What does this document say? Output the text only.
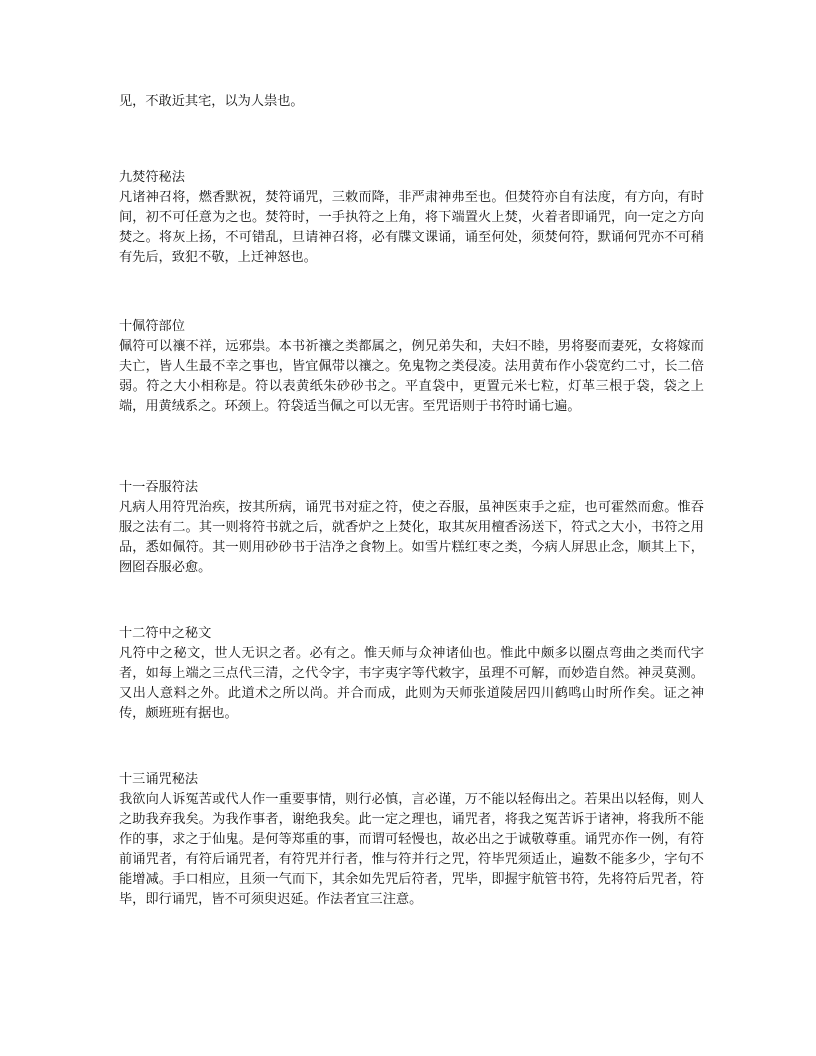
见，不敢近其宅，以为人祟也。

九焚符秘法

凡诸神召将，燃香默祝，焚符诵咒，三敕而降，非严肃神弗至也。但焚符亦自有法度，有方向，有时间，初不可任意为之也。焚符时，一手执符之上角，将下端置火上焚，火着者即诵咒，向一定之方向焚之。将灰上扬，不可错乱，旦请神召将，必有牒文课诵，诵至何处，须焚何符，默诵何咒亦不可稍有先后，致犯不敬，上迁神怒也。

十佩符部位

佩符可以禳不祥，远邪祟。本书祈禳之类都属之，例兄弟失和，夫妇不睦，男将娶而妻死，女将嫁而夫亡，皆人生最不幸之事也，皆宜佩带以禳之。免鬼物之类侵凌。法用黄布作小袋宽约二寸，长二倍弱。符之大小相称是。符以表黄纸朱砂砂书之。平直袋中，更置元米七粒，灯革三根于袋，袋之上端，用黄绒系之。环颈上。符袋适当佩之可以无害。至咒语则于书符时诵七遍。

十一吞服符法

凡病人用符咒治疾，按其所病，诵咒书对症之符，使之吞服，虽神医束手之症，也可霍然而愈。惟吞服之法有二。其一则将符书就之后，就香炉之上焚化，取其灰用檀香汤送下，符式之大小，书符之用品，悉如佩符。其一则用砂砂书于洁净之食物上。如雪片糕红枣之类，今病人屏思止念，顺其上下，囫囵吞服必愈。

十二符中之秘文

凡符中之秘文，世人无识之者。必有之。惟天师与众神诸仙也。惟此中颇多以圈点弯曲之类而代字者，如每上端之三点代三清，之代令字，韦字夷字等代敕字，虽理不可解，而妙造自然。神灵莫测。又出人意料之外。此道术之所以尚。并合而成，此则为天师张道陵居四川鹤鸣山时所作矣。证之神传，颇班班有据也。

十三诵咒秘法

我欲向人诉冤苦或代人作一重要事情，则行必慎，言必谨，万不能以轻侮出之。若果出以轻侮，则人之助我弃我矣。为我作事者，谢绝我矣。此一定之理也，诵咒者，将我之冤苦诉于诸神，将我所不能作的事，求之于仙鬼。是何等郑重的事，而谓可轻慢也，故必出之于诚敬尊重。诵咒亦作一例，有符前诵咒者，有符后诵咒者，有符咒并行者，惟与符并行之咒，符毕咒须适止，遍数不能多少，字句不能增减。手口相应，且须一气而下，其余如先咒后符者，咒毕，即握宇航管书符，先将符后咒者，符毕，即行诵咒，皆不可须臾迟延。作法者宜三注意。
